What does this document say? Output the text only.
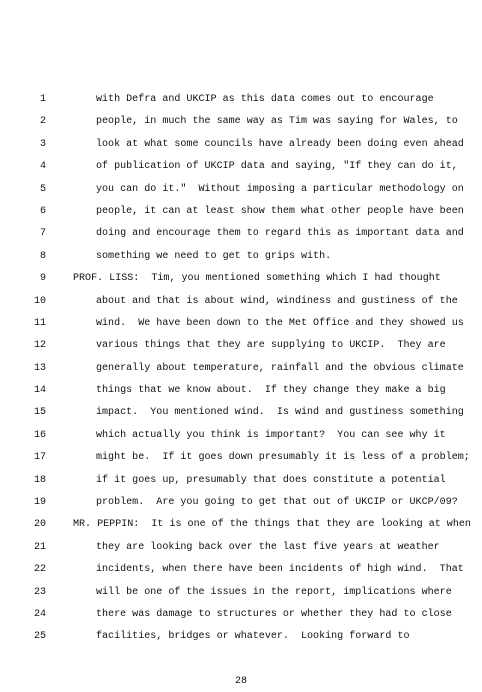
1	with Defra and UKCIP as this data comes out to encourage
2	people, in much the same way as Tim was saying for Wales, to
3	look at what some councils have already been doing even ahead
4	of publication of UKCIP data and saying, "If they can do it,
5	you can do it."  Without imposing a particular methodology on
6	people, it can at least show them what other people have been
7	doing and encourage them to regard this as important data and
8	something we need to get to grips with.
9	PROF. LISS:  Tim, you mentioned something which I had thought
10	about and that is about wind, windiness and gustiness of the
11	wind.  We have been down to the Met Office and they showed us
12	various things that they are supplying to UKCIP.  They are
13	generally about temperature, rainfall and the obvious climate
14	things that we know about.  If they change they make a big
15	impact.  You mentioned wind.  Is wind and gustiness something
16	which actually you think is important?  You can see why it
17	might be.  If it goes down presumably it is less of a problem;
18	if it goes up, presumably that does constitute a potential
19	problem.  Are you going to get that out of UKCIP or UKCP/09?
20	MR. PEPPIN:  It is one of the things that they are looking at when
21	they are looking back over the last five years at weather
22	incidents, when there have been incidents of high wind.  That
23	will be one of the issues in the report, implications where
24	there was damage to structures or whether they had to close
25	facilities, bridges or whatever.  Looking forward to
28
